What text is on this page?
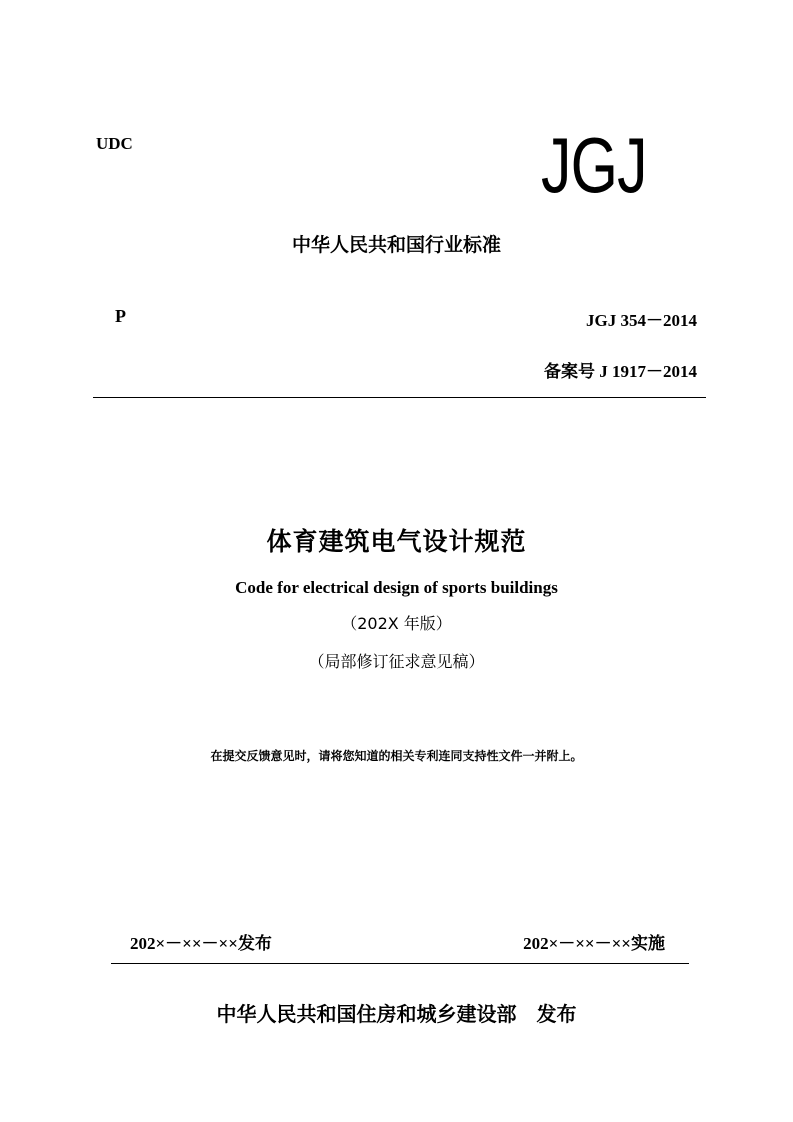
UDC	JGJ
中华人民共和国行业标准
P	JGJ 354－2014
备案号 J 1917－2014
体育建筑电气设计规范
Code for electrical design of sports buildings
（202X 年版）
（局部修订征求意见稿）
在提交反馈意见时，请将您知道的相关专利连同支持性文件一并附上。
202×－××－××发布	202×－××－××实施
中华人民共和国住房和城乡建设部　发布
